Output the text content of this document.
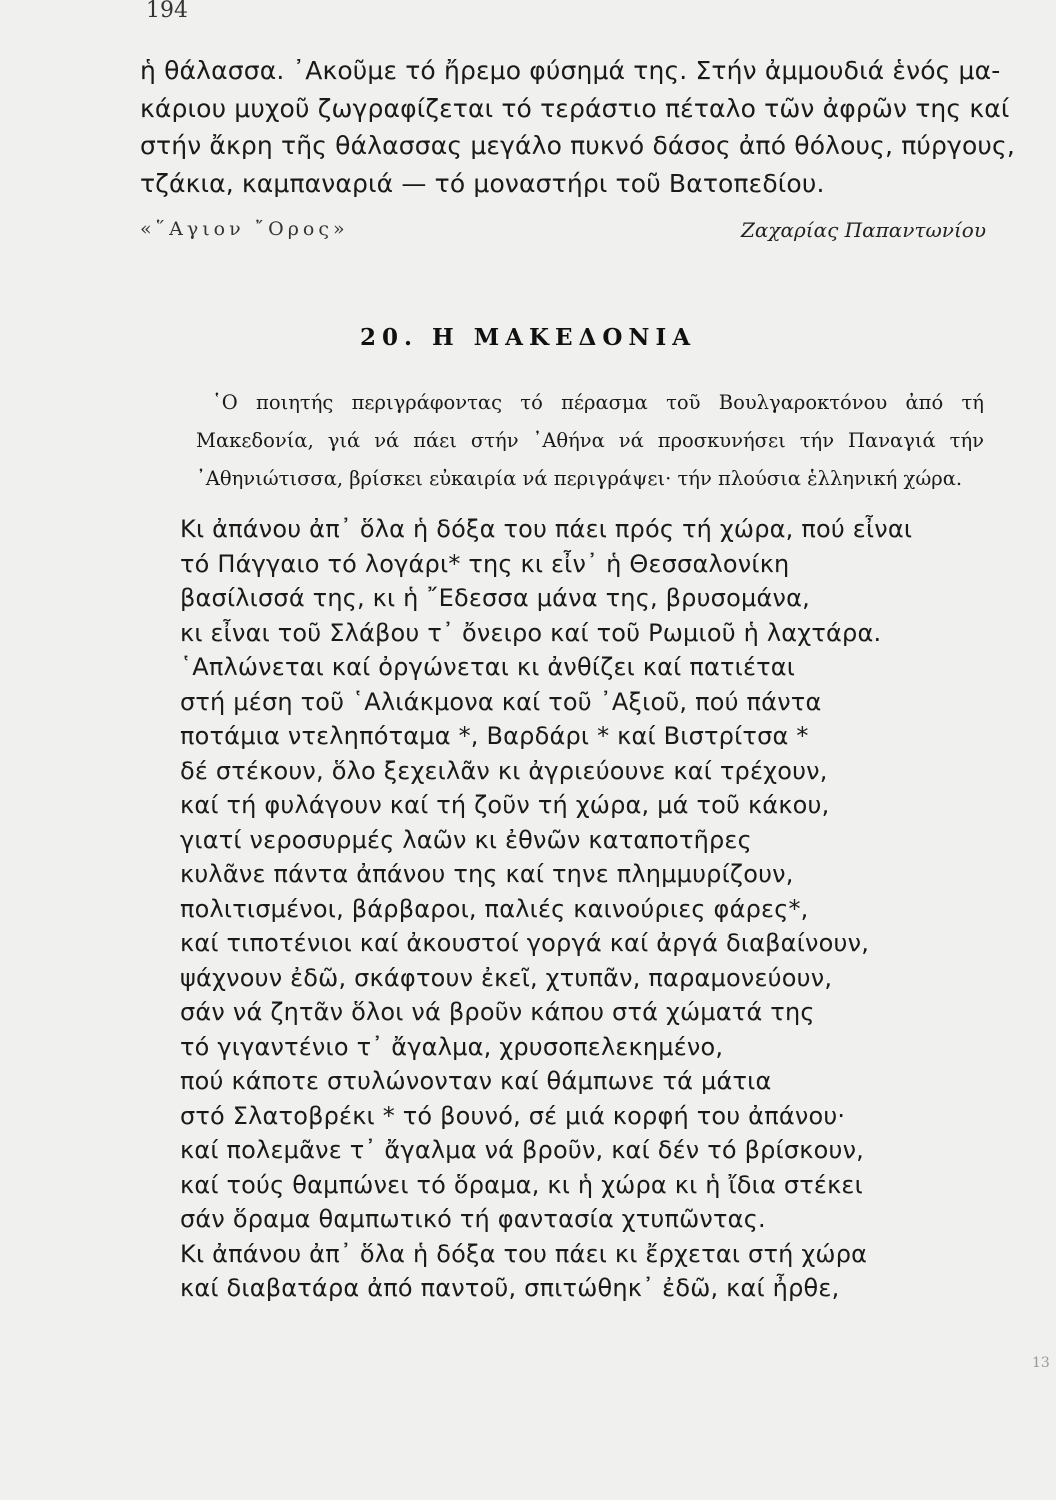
194
ἡ θάλασσα. ᾿Ακοῦμε τό ἤρεμο φύσημά της. Στήν ἀμμουδιά ἑνός μα-
κάριου μυχοῦ ζωγραφίζεται τό τεράστιο πέταλο τῶν ἀφρῶν της καί
στήν ἄκρη τῆς θάλασσας μεγάλο πυκνό δάσος ἀπό θόλους, πύργους,
τζάκια, καμπαναριά — τό μοναστήρι τοῦ Βατοπεδίου.
«῞Αγιον ῎Ορος»	Ζαχαρίας Παπαντωνίου
20. Η ΜΑΚΕΔΟΝΙΑ
῾Ο ποιητής περιγράφοντας τό πέρασμα τοῦ Βουλγαροκτόνου ἀπό τή
Μακεδονία, γιά νά πάει στήν ᾿Αθήνα νά προσκυνήσει τήν Παναγιά τήν
᾿Αθηνιώτισσα, βρίσκει εὐκαιρία νά περιγράψει· τήν πλούσια ἑλληνική χώρα.
Κι ἀπάνου ἀπ᾿ ὅλα ἡ δόξα του πάει πρός τή χώρα, πού εἶναι
τό Πάγγαιο τό λογάρι* της κι εἶν᾿ ἡ Θεσσαλονίκη
βασίλισσά της, κι ἡ ῎Εδεσσα μάνα της, βρυσομάνα,
κι εἶναι τοῦ Σλάβου τ᾿ ὄνειρο καί τοῦ Ρωμιοῦ ἡ λαχτάρα.
῾Απλώνεται καί ὀργώνεται κι ἀνθίζει καί πατιέται
στή μέση τοῦ ῾Αλιάκμονα καί τοῦ ᾿Αξιοῦ, πού πάντα
ποτάμια ντεληπόταμα *, Βαρδάρι * καί Βιστρίτσα *
δέ στέκουν, ὅλο ξεχειλᾶν κι ἀγριεύουνε καί τρέχουν,
καί τή φυλάγουν καί τή ζοῦν τή χώρα, μά τοῦ κάκου,
γιατί νεροσυρμές λαῶν κι ἐθνῶν καταποτῆρες
κυλᾶνε πάντα ἀπάνου της καί τηνε πλημμυρίζουν,
πολιτισμένοι, βάρβαροι, παλιές καινούριες φάρες*,
καί τιποτένιοι καί ἀκουστοί γοργά καί ἀργά διαβαίνουν,
ψάχνουν ἐδῶ, σκάφτουν ἐκεῖ, χτυπᾶν, παραμονεύουν,
σάν νά ζητᾶν ὅλοι νά βροῦν κάπου στά χώματά της
τό γιγαντένιο τ᾿ ἄγαλμα, χρυσοπελεκημένο,
πού κάποτε στυλώνονταν καί θάμπωνε τά μάτια
στό Σλατοβρέκι * τό βουνό, σέ μιά κορφή του ἀπάνου·
καί πολεμᾶνε τ᾿ ἄγαλμα νά βροῦν, καί δέν τό βρίσκουν,
καί τούς θαμπώνει τό ὅραμα, κι ἡ χώρα κι ἡ ἴδια στέκει
σάν ὅραμα θαμπωτικό τή φαντασία χτυπῶντας.
Κι ἀπάνου ἀπ᾿ ὅλα ἡ δόξα του πάει κι ἔρχεται στή χώρα
καί διαβατάρα ἀπό παντοῦ, σπιτώθηκ᾿ ἐδῶ, καί ἦρθε,
13
